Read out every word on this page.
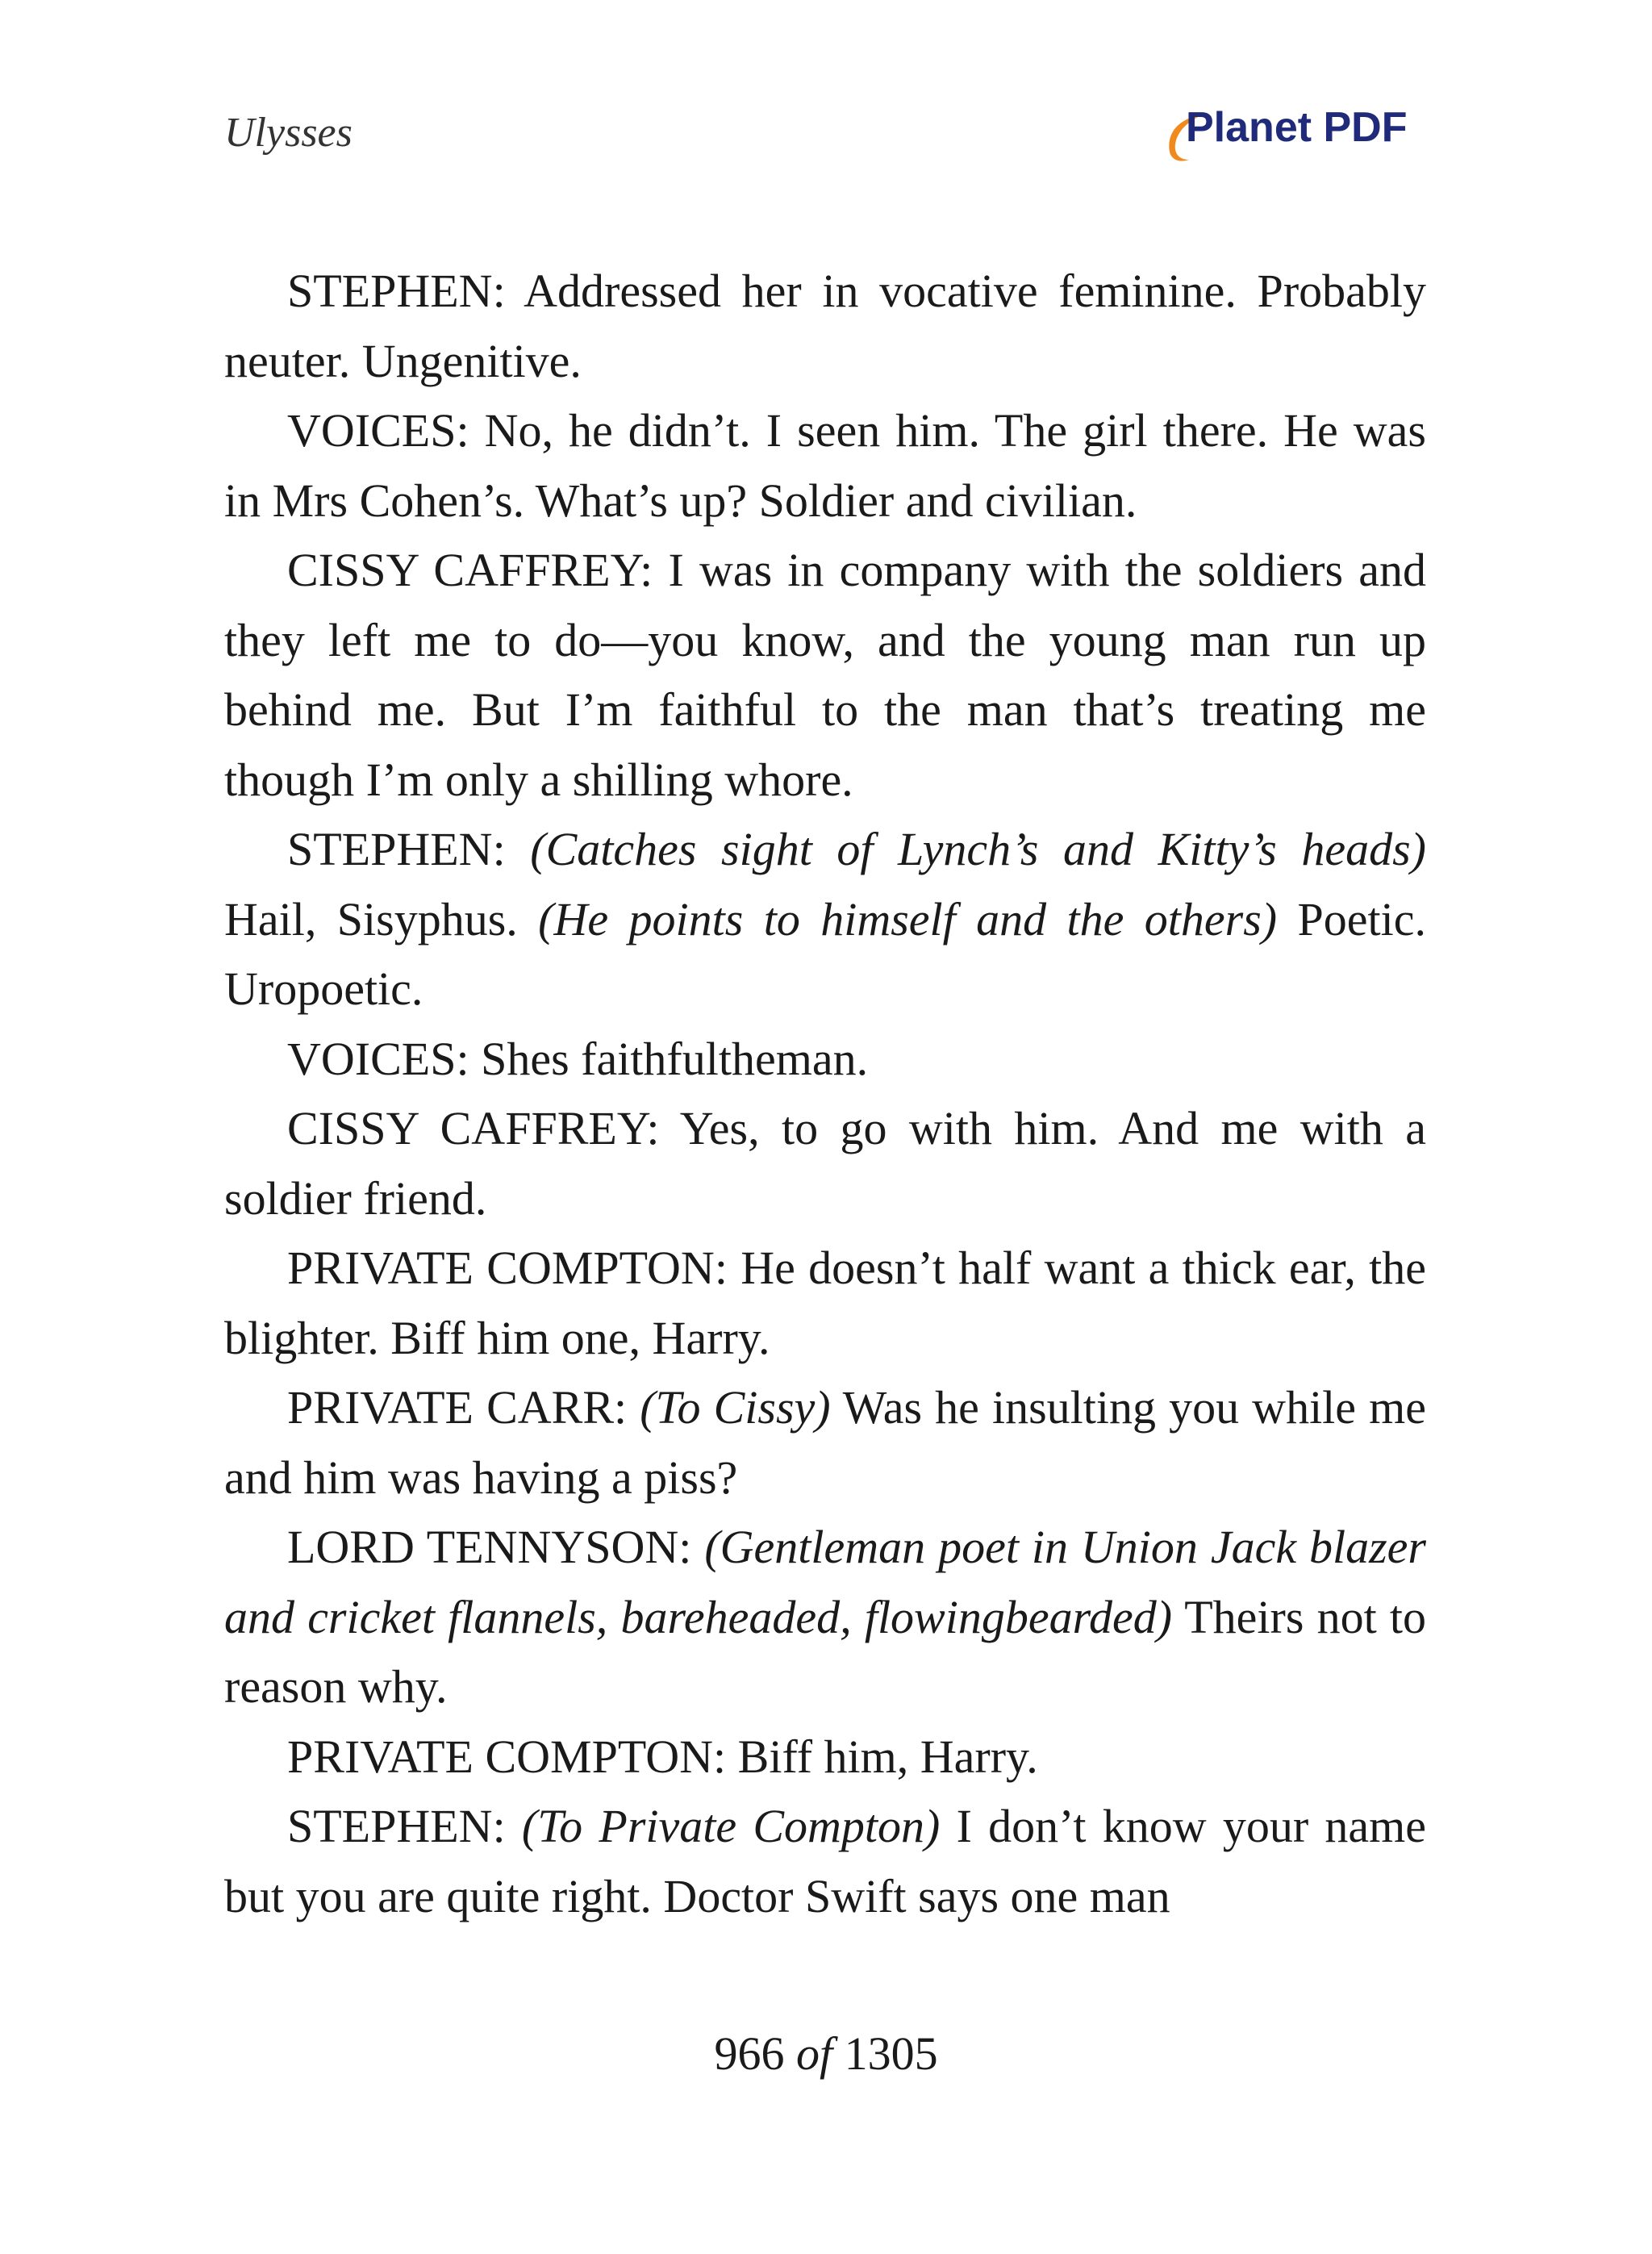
Ulysses	Planet PDF

STEPHEN: Addressed her in vocative feminine. Probably neuter. Ungenitive.

VOICES: No, he didn’t. I seen him. The girl there. He was in Mrs Cohen’s. What’s up? Soldier and civilian.

CISSY CAFFREY: I was in company with the soldiers and they left me to do—you know, and the young man run up behind me. But I’m faithful to the man that’s treating me though I’m only a shilling whore.

STEPHEN: (Catches sight of Lynch’s and Kitty’s heads) Hail, Sisyphus. (He points to himself and the others) Poetic. Uropoetic.

VOICES: Shes faithfultheman.

CISSY CAFFREY: Yes, to go with him. And me with a soldier friend.

PRIVATE COMPTON: He doesn’t half want a thick ear, the blighter. Biff him one, Harry.

PRIVATE CARR: (To Cissy) Was he insulting you while me and him was having a piss?

LORD TENNYSON: (Gentleman poet in Union Jack blazer and cricket flannels, bareheaded, flowingbearded) Theirs not to reason why.

PRIVATE COMPTON: Biff him, Harry.

STEPHEN: (To Private Compton) I don’t know your name but you are quite right. Doctor Swift says one man

966 of 1305
